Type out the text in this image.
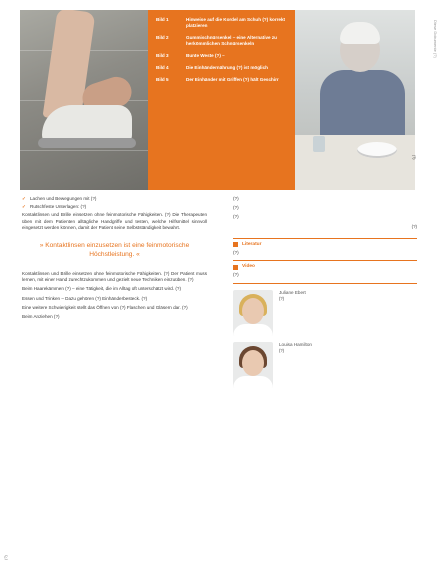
Bild 1	Hinweise auf die Kordel am Schuh (?) korrekt platzieren
Bild 2	Gummischnürsenkel – eine Alternative zu herkömmlichen Schnürsenkeln
Bild 3	Bunte Weste (?) –
Bild 4	Die Einhändernährung (?) ist möglich
Bild 5	Der Einhänder mit Griffen (?) hält Geschirr
(?)
✓ Lachen und Bewegungen mit (?)
✓ Rutschfeste Unterlagen: (?)

Kontaktlinsen und Brille einsetzen ohne feinmotorische Fähigkeiten. (?) Die Therapeuten üben mit dem Patienten alltägliche Handgriffe und testen, welche Hilfsmittel sinnvoll eingesetzt werden können, damit der Patient seine Selbstständigkeit bewahrt.

» Kontaktlinsen einzusetzen ist eine feinmotorische Höchstleistung. «

Kontaktlinsen und Brille einsetzen ohne feinmotorische Fähigkeiten. (?) Der Patient muss lernen, mit einer Hand zurechtzukommen und gezielt neue Techniken einzuüben. (?)

Beim Haarekämmen (?) – eine Tätigkeit, die im Alltag oft unterschätzt wird. (?)

Essen und Trinken – Dazu gehören (?) Einhänderbesteck. (?)

Eine weitere Schwierigkeit stellt das Öffnen von (?) Flaschen und Gläsern dar. (?)

Beim Anziehen (?)

(?)

(?)

(?)

(?)
Literatur

(?)

Video

(?)

Juliane Ebert
(?)
Louisa Hamilton
(?)
(?)
Diese Dokumente (?)
